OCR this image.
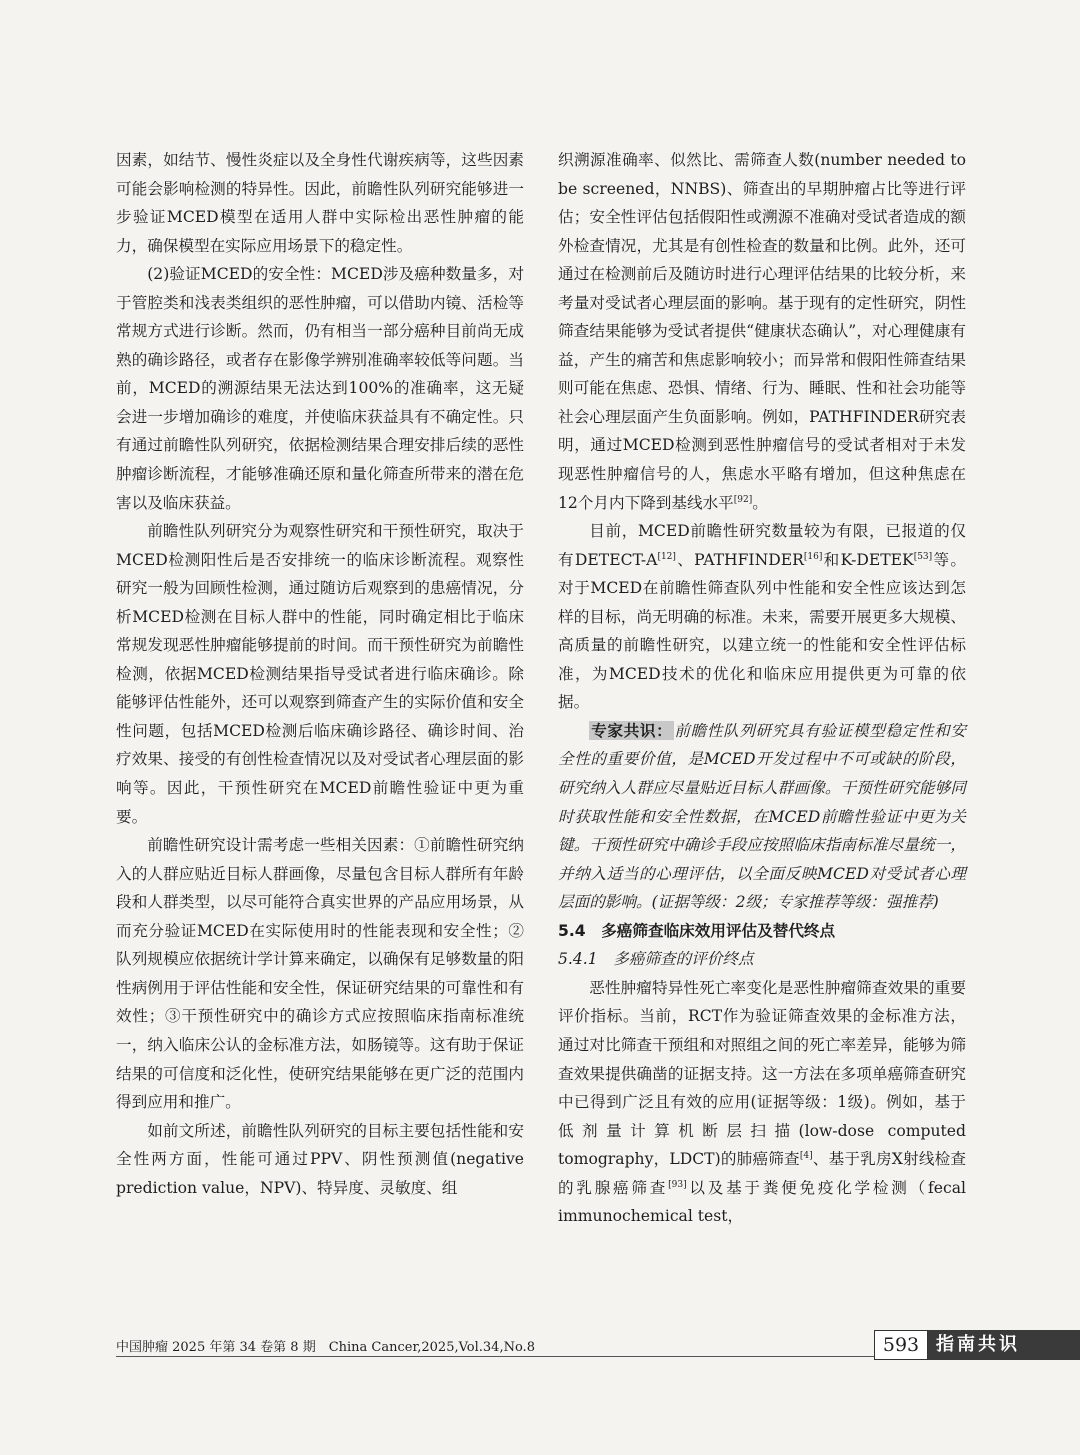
因素，如结节、慢性炎症以及全身性代谢疾病等，这些因素可能会影响检测的特异性。因此，前瞻性队列研究能够进一步验证MCED模型在适用人群中实际检出恶性肿瘤的能力，确保模型在实际应用场景下的稳定性。

(2)验证MCED的安全性：MCED涉及癌种数量多，对于管腔类和浅表类组织的恶性肿瘤，可以借助内镜、活检等常规方式进行诊断。然而，仍有相当一部分癌种目前尚无成熟的确诊路径，或者存在影像学辨别准确率较低等问题。当前，MCED的溯源结果无法达到100%的准确率，这无疑会进一步增加确诊的难度，并使临床获益具有不确定性。只有通过前瞻性队列研究，依据检测结果合理安排后续的恶性肿瘤诊断流程，才能够准确还原和量化筛查所带来的潜在危害以及临床获益。

前瞻性队列研究分为观察性研究和干预性研究，取决于MCED检测阳性后是否安排统一的临床诊断流程。观察性研究一般为回顾性检测，通过随访后观察到的患癌情况，分析MCED检测在目标人群中的性能，同时确定相比于临床常规发现恶性肿瘤能够提前的时间。而干预性研究为前瞻性检测，依据MCED检测结果指导受试者进行临床确诊。除能够评估性能外，还可以观察到筛查产生的实际价值和安全性问题，包括MCED检测后临床确诊路径、确诊时间、治疗效果、接受的有创性检查情况以及对受试者心理层面的影响等。因此，干预性研究在MCED前瞻性验证中更为重要。

前瞻性研究设计需考虑一些相关因素：①前瞻性研究纳入的人群应贴近目标人群画像，尽量包含目标人群所有年龄段和人群类型，以尽可能符合真实世界的产品应用场景，从而充分验证MCED在实际使用时的性能表现和安全性；②队列规模应依据统计学计算来确定，以确保有足够数量的阳性病例用于评估性能和安全性，保证研究结果的可靠性和有效性；③干预性研究中的确诊方式应按照临床指南标准统一，纳入临床公认的金标准方法，如肠镜等。这有助于保证结果的可信度和泛化性，使研究结果能够在更广泛的范围内得到应用和推广。

如前文所述，前瞻性队列研究的目标主要包括性能和安全性两方面，性能可通过PPV、阴性预测值(negative prediction value，NPV)、特异度、灵敏度、组

织溯源准确率、似然比、需筛查人数(number needed to be screened，NNBS)、筛查出的早期肿瘤占比等进行评估；安全性评估包括假阳性或溯源不准确对受试者造成的额外检查情况，尤其是有创性检查的数量和比例。此外，还可通过在检测前后及随访时进行心理评估结果的比较分析，来考量对受试者心理层面的影响。基于现有的定性研究，阴性筛查结果能够为受试者提供“健康状态确认”，对心理健康有益，产生的痛苦和焦虑影响较小；而异常和假阳性筛查结果则可能在焦虑、恐惧、情绪、行为、睡眠、性和社会功能等社会心理层面产生负面影响。例如，PATHFINDER研究表明，通过MCED检测到恶性肿瘤信号的受试者相对于未发现恶性肿瘤信号的人，焦虑水平略有增加，但这种焦虑在12个月内下降到基线水平[92]。

目前，MCED前瞻性研究数量较为有限，已报道的仅有DETECT-A[12]、PATHFINDER[16]和K-DETEK[53]等。对于MCED在前瞻性筛查队列中性能和安全性应该达到怎样的目标，尚无明确的标准。未来，需要开展更多大规模、高质量的前瞻性研究，以建立统一的性能和安全性评估标准，为MCED技术的优化和临床应用提供更为可靠的依据。

专家共识： 前瞻性队列研究具有验证模型稳定性和安全性的重要价值，是MCED开发过程中不可或缺的阶段，研究纳入人群应尽量贴近目标人群画像。干预性研究能够同时获取性能和安全性数据，在MCED前瞻性验证中更为关键。干预性研究中确诊手段应按照临床指南标准尽量统一，并纳入适当的心理评估，以全面反映MCED对受试者心理层面的影响。(证据等级：2级；专家推荐等级：强推荐)

5.4　多癌筛查临床效用评估及替代终点

5.4.1　多癌筛查的评价终点

恶性肿瘤特异性死亡率变化是恶性肿瘤筛查效果的重要评价指标。当前，RCT作为验证筛查效果的金标准方法，通过对比筛查干预组和对照组之间的死亡率差异，能够为筛查效果提供确凿的证据支持。这一方法在多项单癌筛查研究中已得到广泛且有效的应用(证据等级：1级)。例如，基于低剂量计算机断层扫描(low-dose computed tomography，LDCT)的肺癌筛查[4]、基于乳房X射线检查的乳腺癌筛查[93]以及基于粪便免疫化学检测（fecal immunochemical test，

中国肿瘤 2025 年第 34 卷第 8 期　China Cancer,2025,Vol.34,No.8	593 指南共识
